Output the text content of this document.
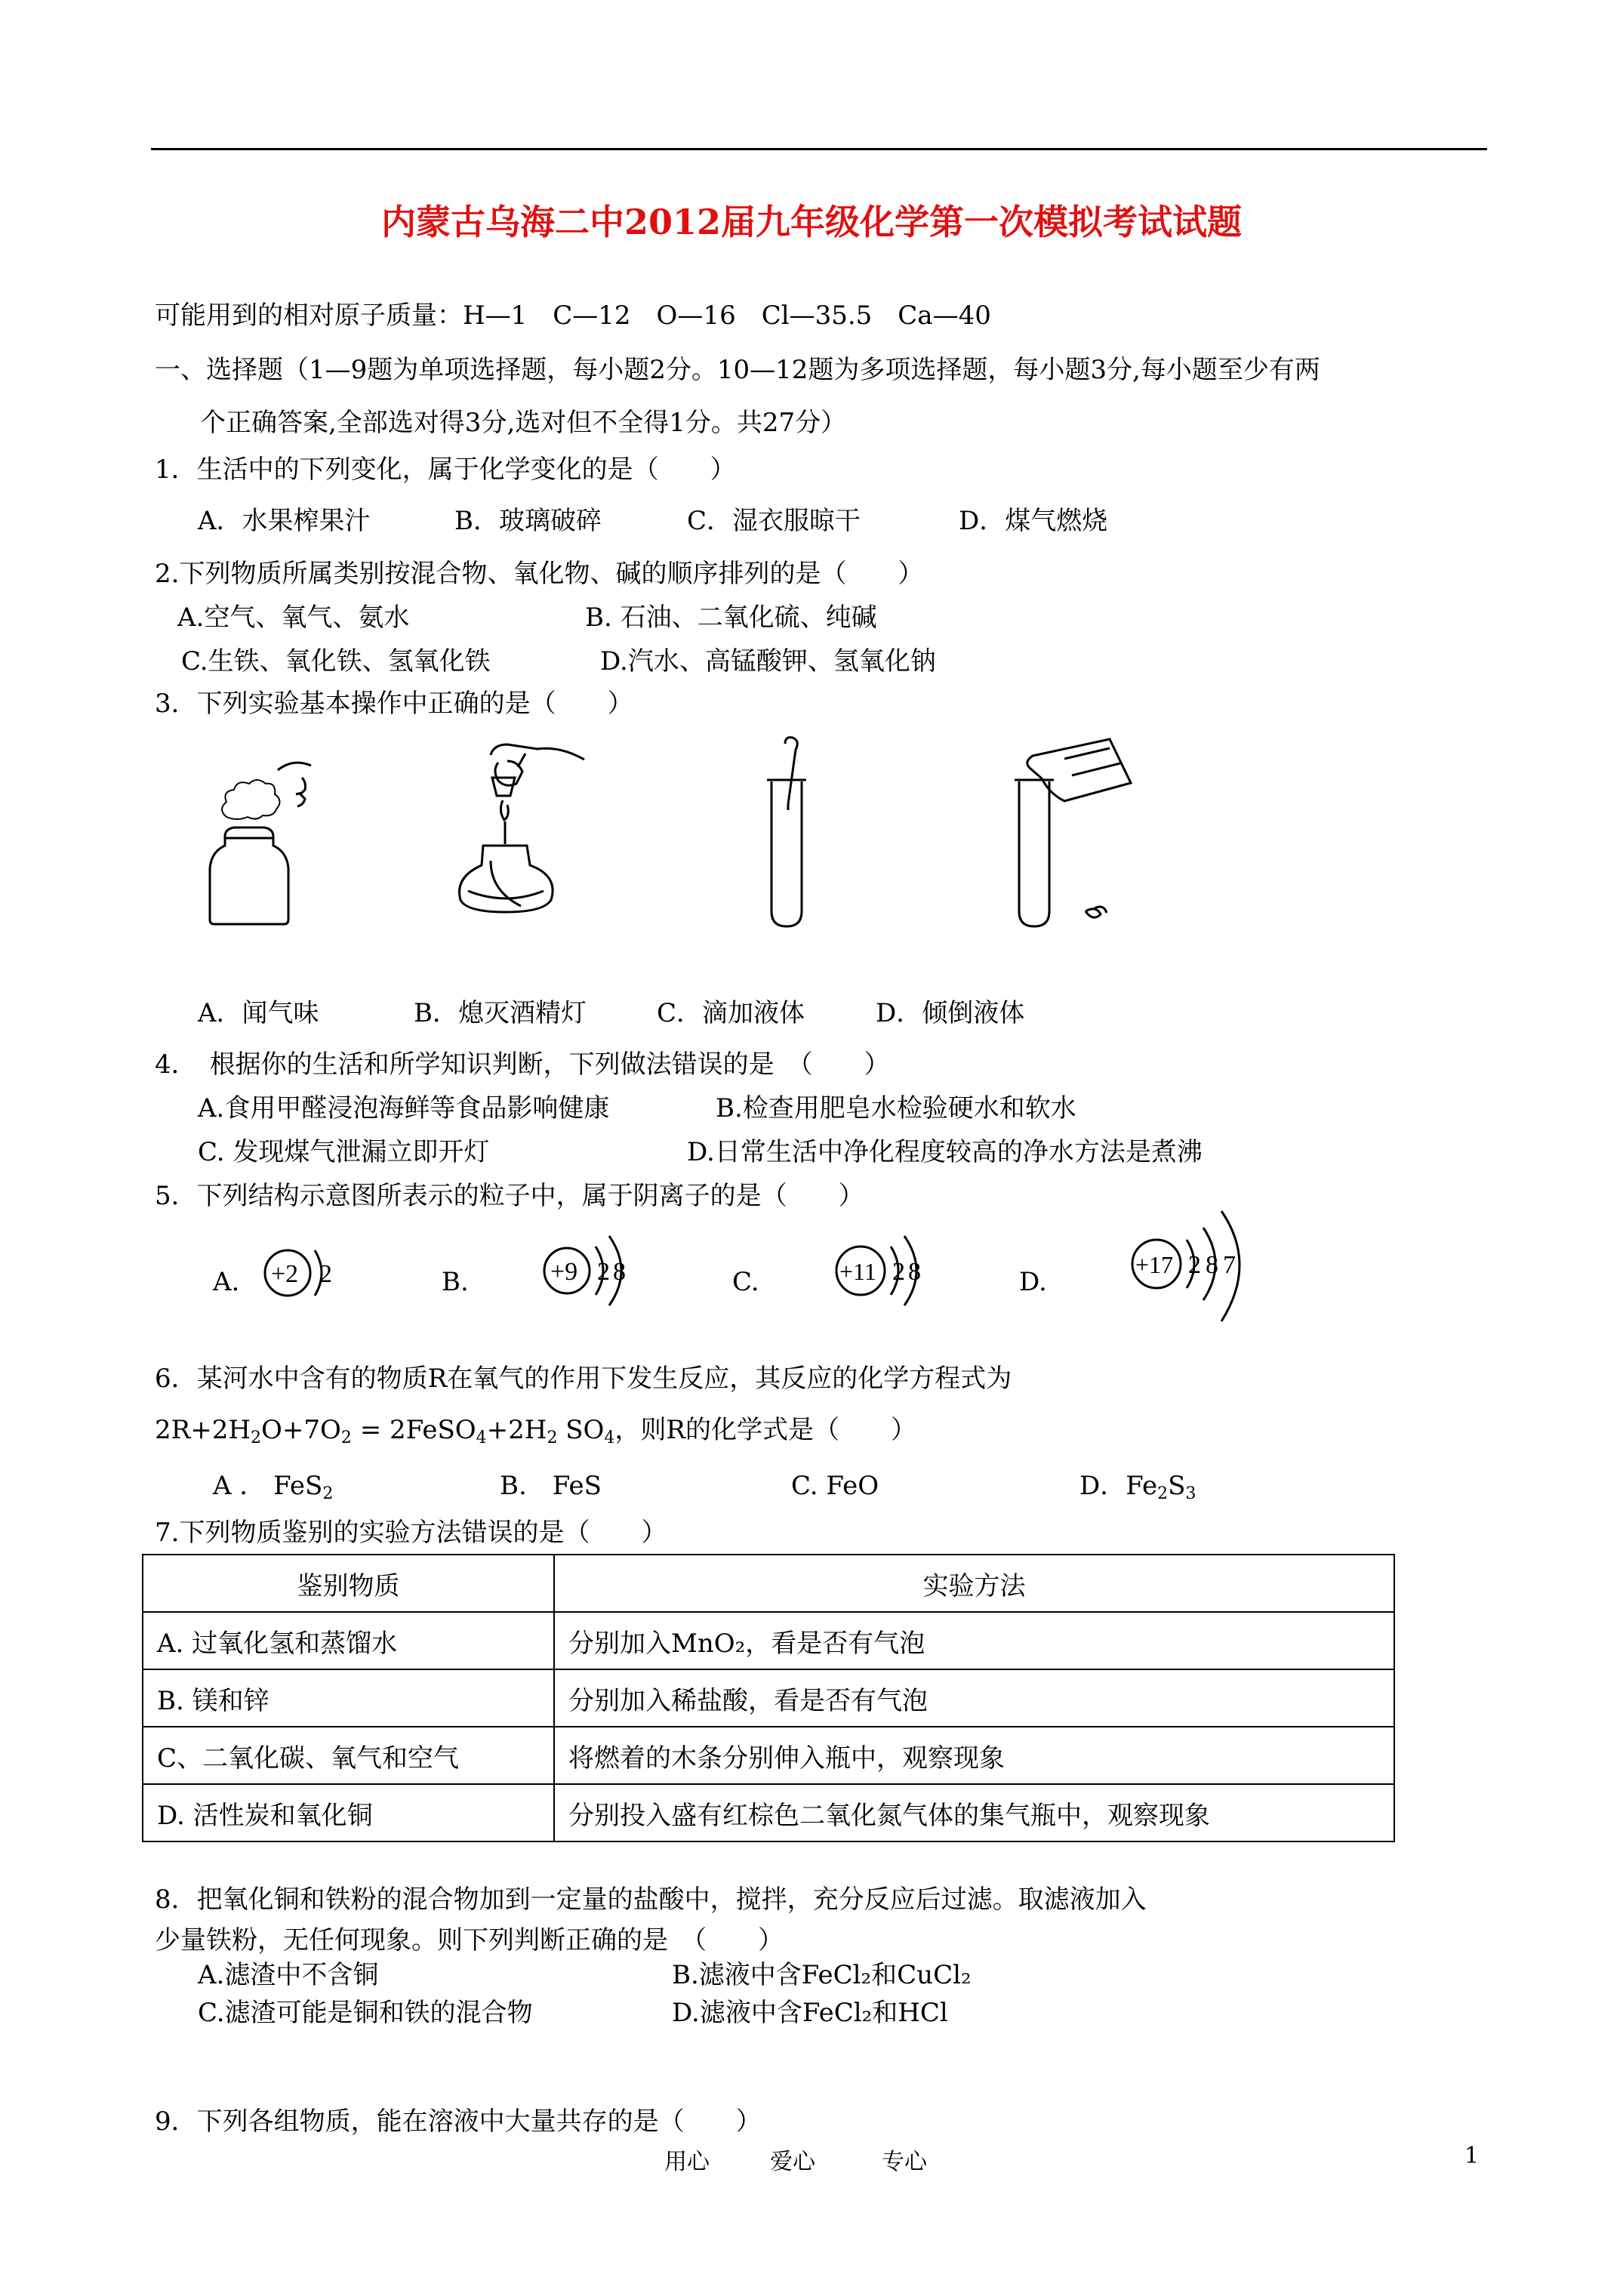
内蒙古乌海二中2012届九年级化学第一次模拟考试试题
可能用到的相对原子质量：H—1　C—12　O—16　Cl—35.5　Ca—40
一、选择题（1—9题为单项选择题，每小题2分。10—12题为多项选择题，每小题3分,每小题至少有两
个正确答案,全部选对得3分,选对但不全得1分。共27分）
1．生活中的下列变化，属于化学变化的是（　　）
A．水果榨果汁	B．玻璃破碎	C．湿衣服晾干	D．煤气燃烧
2.下列物质所属类别按混合物、氧化物、碱的顺序排列的是（　　）
A.空气、氧气、氨水	B. 石油、二氧化硫、纯碱
C.生铁、氧化铁、氢氧化铁	D.汽水、高锰酸钾、氢氧化钠
3．下列实验基本操作中正确的是（　　）
A．闻气味	B．熄灭酒精灯	C．滴加液体	D．倾倒液体
4．　根据你的生活和所学知识判断，下列做法错误的是　（　　）
A.食用甲醛浸泡海鲜等食品影响健康	B.检查用肥皂水检验硬水和软水
C. 发现煤气泄漏立即开灯	D.日常生活中净化程度较高的净水方法是煮沸
5．下列结构示意图所表示的粒子中，属于阴离子的是（　　）
A.	B.	C.	D.
+2 2	+9 28	+11 28	+17 287
6．某河水中含有的物质R在氧气的作用下发生反应，其反应的化学方程式为
$2R+2H_2O+7O_2$ = $2FeSO_4+2H_2$ $SO_4$，则R的化学式是（　　）
A ． FeS$_2$	B.　FeS	C. FeO	D．$Fe_2S_3$
7.下列物质鉴别的实验方法错误的是（　　）
鉴别物质	实验方法
A. 过氧化氢和蒸馏水	分别加入MnO₂，看是否有气泡
B. 镁和锌	分别加入稀盐酸，看是否有气泡
C、二氧化碳、氧气和空气	将燃着的木条分别伸入瓶中，观察现象
D. 活性炭和氧化铜	分别投入盛有红棕色二氧化氮气体的集气瓶中，观察现象
8．把氧化铜和铁粉的混合物加到一定量的盐酸中，搅拌，充分反应后过滤。取滤液加入
少量铁粉，无任何现象。则下列判断正确的是　（　　）
A.滤渣中不含铜	B.滤液中含FeCl₂和CuCl₂
C.滤渣可能是铜和铁的混合物	D.滤液中含FeCl₂和HCl
9．下列各组物质，能在溶液中大量共存的是（　　）
用心	爱心	专心	1
